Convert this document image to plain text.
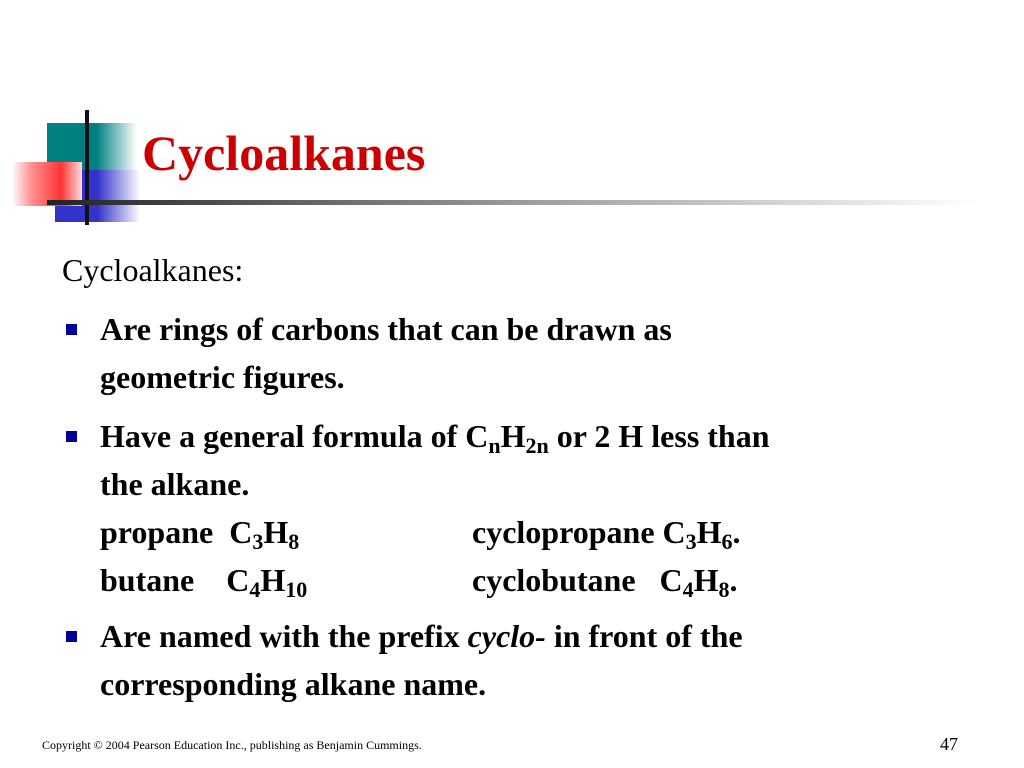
Cycloalkanes
Cycloalkanes:
Are rings of carbons that can be drawn as
geometric figures.
Have a general formula of $C_nH_{2n}$ or 2 H less than
the alkane.
propane  $C_3H_8$	cyclopropane $C_3H_6$.
butane    $C_4H_{10}$	cyclobutane   $C_4H_8$.
Are named with the prefix cyclo- in front of the
corresponding alkane name.
Copyright © 2004 Pearson Education Inc., publishing as Benjamin Cummings.	47
